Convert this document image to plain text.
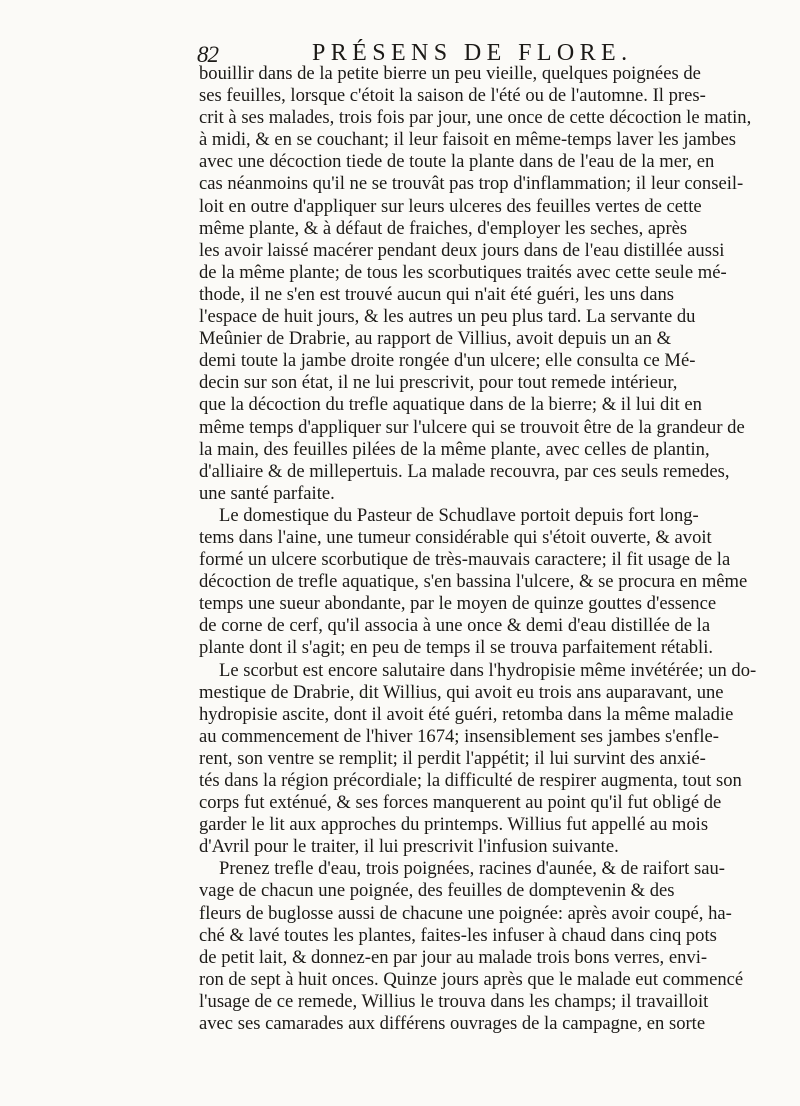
82	PRÉSENS DE FLORE.
bouillir dans de la petite bierre un peu vieille, quelques poignées de
ses feuilles, lorsque c'étoit la saison de l'été ou de l'automne. Il pres-
crit à ses malades, trois fois par jour, une once de cette décoction le matin,
à midi, & en se couchant; il leur faisoit en même-temps laver les jambes
avec une décoction tiede de toute la plante dans de l'eau de la mer, en
cas néanmoins qu'il ne se trouvât pas trop d'inflammation; il leur conseil-
loit en outre d'appliquer sur leurs ulceres des feuilles vertes de cette
même plante, & à défaut de fraiches, d'employer les seches, après
les avoir laissé macérer pendant deux jours dans de l'eau distillée aussi
de la même plante; de tous les scorbutiques traités avec cette seule mé-
thode, il ne s'en est trouvé aucun qui n'ait été guéri, les uns dans
l'espace de huit jours, & les autres un peu plus tard. La servante du
Meûnier de Drabrie, au rapport de Villius, avoit depuis un an &
demi toute la jambe droite rongée d'un ulcere; elle consulta ce Mé-
decin sur son état, il ne lui prescrivit, pour tout remede intérieur,
que la décoction du trefle aquatique dans de la bierre; & il lui dit en
même temps d'appliquer sur l'ulcere qui se trouvoit être de la grandeur de
la main, des feuilles pilées de la même plante, avec celles de plantin,
d'alliaire & de millepertuis. La malade recouvra, par ces seuls remedes,
une santé parfaite.
Le domestique du Pasteur de Schudlave portoit depuis fort long-
tems dans l'aine, une tumeur considérable qui s'étoit ouverte, & avoit
formé un ulcere scorbutique de très-mauvais caractere; il fit usage de la
décoction de trefle aquatique, s'en bassina l'ulcere, & se procura en même
temps une sueur abondante, par le moyen de quinze gouttes d'essence
de corne de cerf, qu'il associa à une once & demi d'eau distillée de la
plante dont il s'agit; en peu de temps il se trouva parfaitement rétabli.
Le scorbut est encore salutaire dans l'hydropisie même invétérée; un do-
mestique de Drabrie, dit Willius, qui avoit eu trois ans auparavant, une
hydropisie ascite, dont il avoit été guéri, retomba dans la même maladie
au commencement de l'hiver 1674; insensiblement ses jambes s'enfle-
rent, son ventre se remplit; il perdit l'appétit; il lui survint des anxié-
tés dans la région précordiale; la difficulté de respirer augmenta, tout son
corps fut exténué, & ses forces manquerent au point qu'il fut obligé de
garder le lit aux approches du printemps. Willius fut appellé au mois
d'Avril pour le traiter, il lui prescrivit l'infusion suivante.
Prenez trefle d'eau, trois poignées, racines d'aunée, & de raifort sau-
vage de chacun une poignée, des feuilles de domptevenin & des
fleurs de buglosse aussi de chacune une poignée: après avoir coupé, ha-
ché & lavé toutes les plantes, faites-les infuser à chaud dans cinq pots
de petit lait, & donnez-en par jour au malade trois bons verres, envi-
ron de sept à huit onces. Quinze jours après que le malade eut commencé
l'usage de ce remede, Willius le trouva dans les champs; il travailloit
avec ses camarades aux différens ouvrages de la campagne, en sorte
